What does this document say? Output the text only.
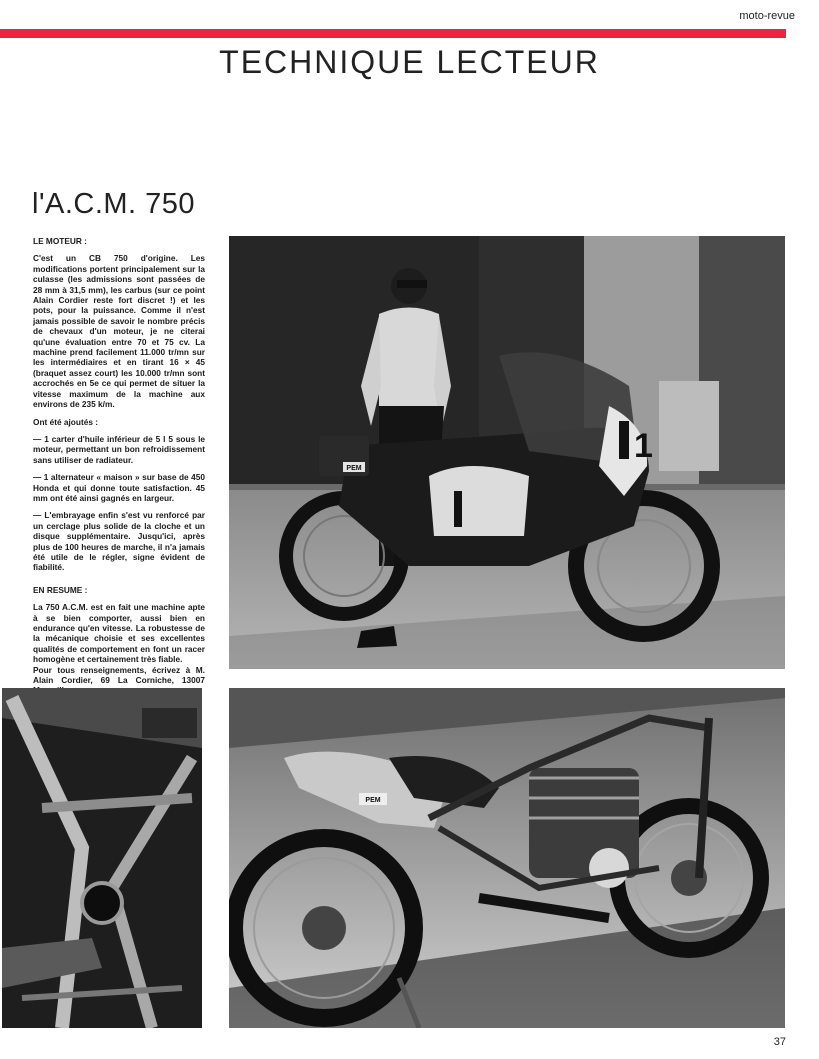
moto-revue
TECHNIQUE LECTEUR
l'A.C.M. 750
LE MOTEUR :

C'est un CB 750 d'origine. Les modifications portent principalement sur la culasse (les admissions sont passées de 28 mm à 31,5 mm), les carbus (sur ce point Alain Cordier reste fort discret !) et les pots, pour la puissance. Comme il n'est jamais possible de savoir le nombre précis de chevaux d'un moteur, je ne citerai qu'une évaluation entre 70 et 75 cv. La machine prend facilement 11.000 tr/mn sur les intermédiaires et en tirant 16 × 45 (braquet assez court) les 10.000 tr/mn sont accrochés en 5e ce qui permet de situer la vitesse maximum de la machine aux environs de 235 k/m.

Ont été ajoutés :

— 1 carter d'huile inférieur de 5 l 5 sous le moteur, permettant un bon refroidissement sans utiliser de radiateur.

— 1 alternateur « maison » sur base de 450 Honda et qui donne toute satisfaction. 45 mm ont été ainsi gagnés en largeur.

— L'embrayage enfin s'est vu renforcé par un cerclage plus solide de la cloche et un disque supplémentaire. Jusqu'ici, après plus de 100 heures de marche, il n'a jamais été utile de le régler, signe évident de fiabilité.

EN RESUME :

La 750 A.C.M. est en fait une machine apte à se bien comporter, aussi bien en endurance qu'en vitesse. La robustesse de la mécanique choisie et ses excellentes qualités de comportement en font un racer homogène et certainement très fiable.

Pour tous renseignements, écrivez à M. Alain Cordier, 69 La Corniche, 13007

PEM
1
PEM
37
